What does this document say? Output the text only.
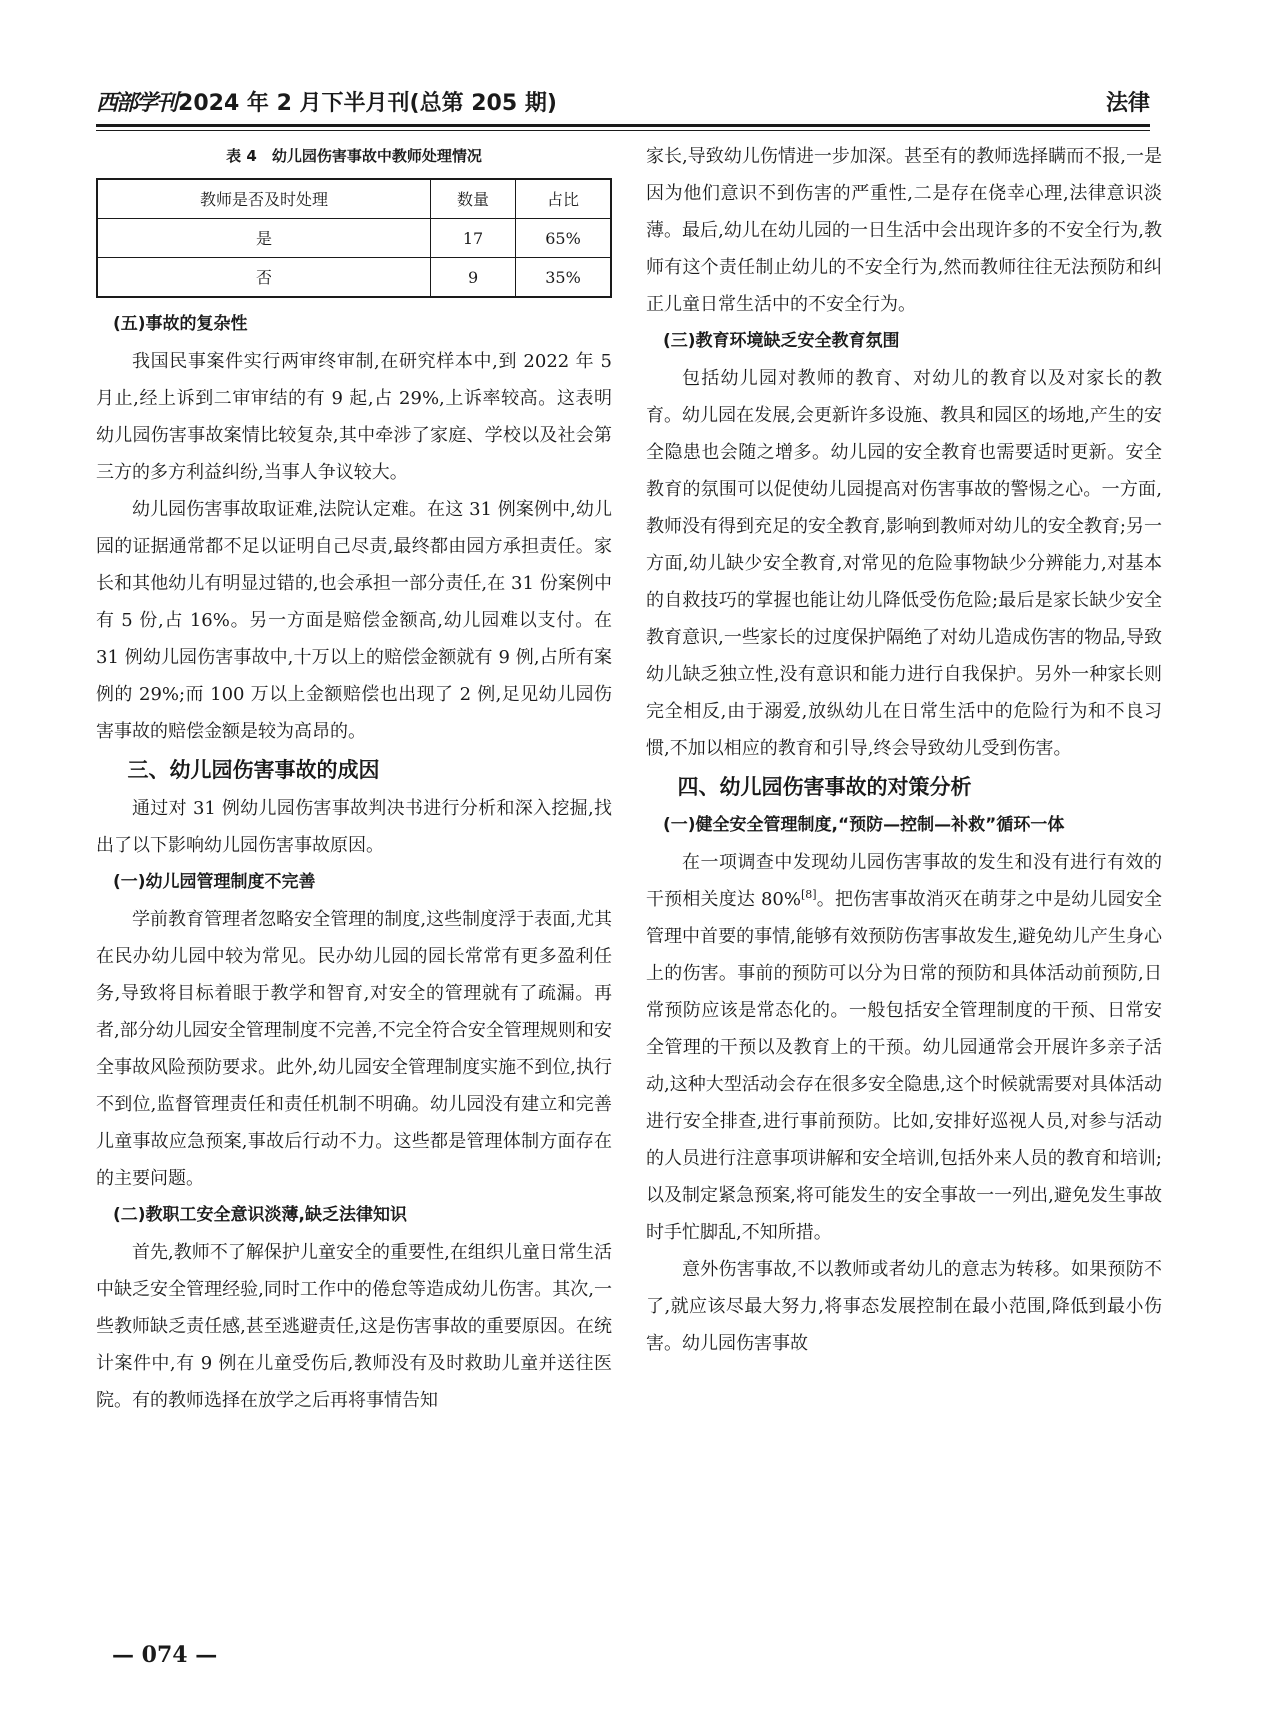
西部学刊2024 年 2 月下半月刊(总第 205 期)	法律
表 4　幼儿园伤害事故中教师处理情况
教师是否及时处理	数量	占比
是	17	65%
否	9	35%
(五)事故的复杂性

我国民事案件实行两审终审制,在研究样本中,到 2022 年 5 月止,经上诉到二审审结的有 9 起,占 29%,上诉率较高。这表明幼儿园伤害事故案情比较复杂,其中牵涉了家庭、学校以及社会第三方的多方利益纠纷,当事人争议较大。

幼儿园伤害事故取证难,法院认定难。在这 31 例案例中,幼儿园的证据通常都不足以证明自己尽责,最终都由园方承担责任。家长和其他幼儿有明显过错的,也会承担一部分责任,在 31 份案例中有 5 份,占 16%。另一方面是赔偿金额高,幼儿园难以支付。在 31 例幼儿园伤害事故中,十万以上的赔偿金额就有 9 例,占所有案例的 29%;而 100 万以上金额赔偿也出现了 2 例,足见幼儿园伤害事故的赔偿金额是较为高昂的。

三、幼儿园伤害事故的成因

通过对 31 例幼儿园伤害事故判决书进行分析和深入挖掘,找出了以下影响幼儿园伤害事故原因。

(一)幼儿园管理制度不完善

学前教育管理者忽略安全管理的制度,这些制度浮于表面,尤其在民办幼儿园中较为常见。民办幼儿园的园长常常有更多盈利任务,导致将目标着眼于教学和智育,对安全的管理就有了疏漏。再者,部分幼儿园安全管理制度不完善,不完全符合安全管理规则和安全事故风险预防要求。此外,幼儿园安全管理制度实施不到位,执行不到位,监督管理责任和责任机制不明确。幼儿园没有建立和完善儿童事故应急预案,事故后行动不力。这些都是管理体制方面存在的主要问题。

(二)教职工安全意识淡薄,缺乏法律知识

首先,教师不了解保护儿童安全的重要性,在组织儿童日常生活中缺乏安全管理经验,同时工作中的倦怠等造成幼儿伤害。其次,一些教师缺乏责任感,甚至逃避责任,这是伤害事故的重要原因。在统计案件中,有 9 例在儿童受伤后,教师没有及时救助儿童并送往医院。有的教师选择在放学之后再将事情告知

家长,导致幼儿伤情进一步加深。甚至有的教师选择瞒而不报,一是因为他们意识不到伤害的严重性,二是存在侥幸心理,法律意识淡薄。最后,幼儿在幼儿园的一日生活中会出现许多的不安全行为,教师有这个责任制止幼儿的不安全行为,然而教师往往无法预防和纠正儿童日常生活中的不安全行为。

(三)教育环境缺乏安全教育氛围

包括幼儿园对教师的教育、对幼儿的教育以及对家长的教育。幼儿园在发展,会更新许多设施、教具和园区的场地,产生的安全隐患也会随之增多。幼儿园的安全教育也需要适时更新。安全教育的氛围可以促使幼儿园提高对伤害事故的警惕之心。一方面,教师没有得到充足的安全教育,影响到教师对幼儿的安全教育;另一方面,幼儿缺少安全教育,对常见的危险事物缺少分辨能力,对基本的自救技巧的掌握也能让幼儿降低受伤危险;最后是家长缺少安全教育意识,一些家长的过度保护隔绝了对幼儿造成伤害的物品,导致幼儿缺乏独立性,没有意识和能力进行自我保护。另外一种家长则完全相反,由于溺爱,放纵幼儿在日常生活中的危险行为和不良习惯,不加以相应的教育和引导,终会导致幼儿受到伤害。

四、幼儿园伤害事故的对策分析
(一)健全安全管理制度,“预防—控制—补救”循环一体

在一项调查中发现幼儿园伤害事故的发生和没有进行有效的干预相关度达 80%[8]。把伤害事故消灭在萌芽之中是幼儿园安全管理中首要的事情,能够有效预防伤害事故发生,避免幼儿产生身心上的伤害。事前的预防可以分为日常的预防和具体活动前预防,日常预防应该是常态化的。一般包括安全管理制度的干预、日常安全管理的干预以及教育上的干预。幼儿园通常会开展许多亲子活动,这种大型活动会存在很多安全隐患,这个时候就需要对具体活动进行安全排查,进行事前预防。比如,安排好巡视人员,对参与活动的人员进行注意事项讲解和安全培训,包括外来人员的教育和培训;以及制定紧急预案,将可能发生的安全事故一一列出,避免发生事故时手忙脚乱,不知所措。

意外伤害事故,不以教师或者幼儿的意志为转移。如果预防不了,就应该尽最大努力,将事态发展控制在最小范围,降低到最小伤害。幼儿园伤害事故

— 074 —
